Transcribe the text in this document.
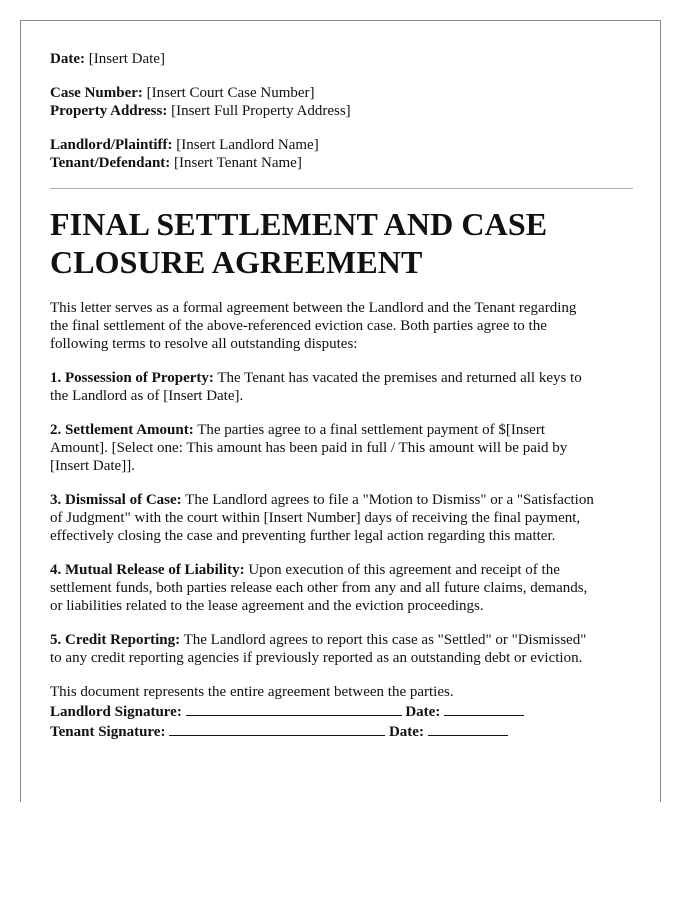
Date: [Insert Date]

Case Number: [Insert Court Case Number]

Property Address: [Insert Full Property Address]

Landlord/Plaintiff: [Insert Landlord Name]

Tenant/Defendant: [Insert Tenant Name]

FINAL SETTLEMENT AND CASE
CLOSURE AGREEMENT

This letter serves as a formal agreement between the Landlord and the Tenant regarding

the final settlement of the above-referenced eviction case. Both parties agree to the

following terms to resolve all outstanding disputes:

1. Possession of Property: The Tenant has vacated the premises and returned all keys to

the Landlord as of [Insert Date].

2. Settlement Amount: The parties agree to a final settlement payment of $[Insert

Amount]. [Select one: This amount has been paid in full / This amount will be paid by

[Insert Date]].

3. Dismissal of Case: The Landlord agrees to file a "Motion to Dismiss" or a "Satisfaction

of Judgment" with the court within [Insert Number] days of receiving the final payment,

effectively closing the case and preventing further legal action regarding this matter.

4. Mutual Release of Liability: Upon execution of this agreement and receipt of the

settlement funds, both parties release each other from any and all future claims, demands,

or liabilities related to the lease agreement and the eviction proceedings.

5. Credit Reporting: The Landlord agrees to report this case as "Settled" or "Dismissed"

to any credit reporting agencies if previously reported as an outstanding debt or eviction.

This document represents the entire agreement between the parties.

Landlord Signature:	Date:

Tenant Signature:	Date:
